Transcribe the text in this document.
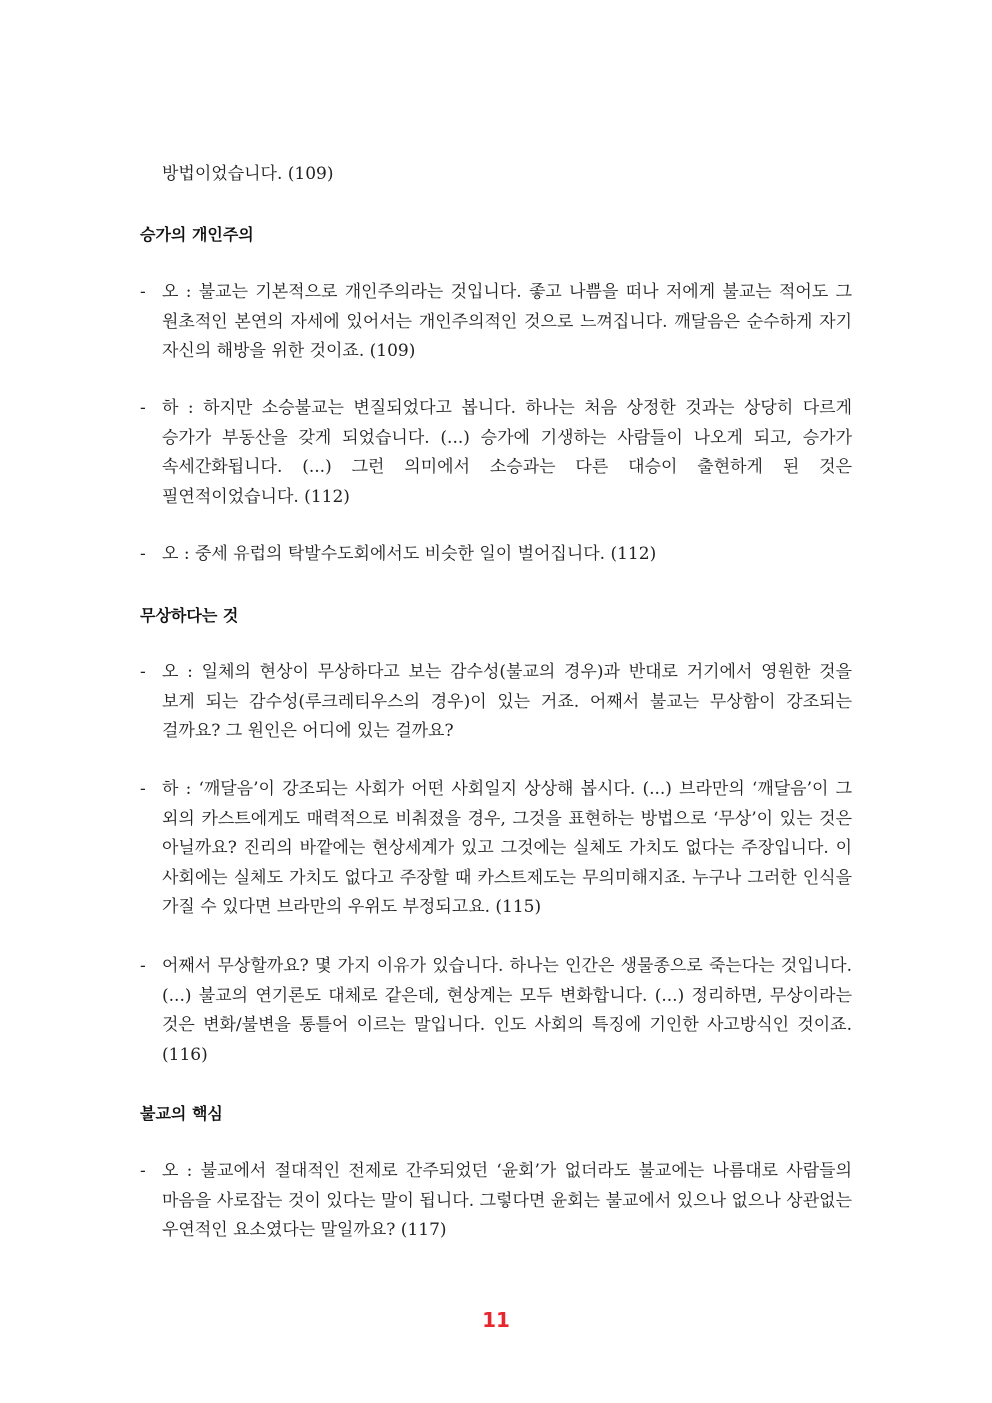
방법이었습니다. (109)
승가의 개인주의
- 오 : 불교는 기본적으로 개인주의라는 것입니다. 좋고 나쁨을 떠나 저에게 불교는 적어도 그 원초적인 본연의 자세에 있어서는 개인주의적인 것으로 느껴집니다. 깨달음은 순수하게 자기 자신의 해방을 위한 것이죠. (109)
- 하 : 하지만 소승불교는 변질되었다고 봅니다. 하나는 처음 상정한 것과는 상당히 다르게 승가가 부동산을 갖게 되었습니다. (...) 승가에 기생하는 사람들이 나오게 되고, 승가가 속세간화됩니다. (...) 그런 의미에서 소승과는 다른 대승이 출현하게 된 것은 필연적이었습니다. (112)
- 오 : 중세 유럽의 탁발수도회에서도 비슷한 일이 벌어집니다. (112)
무상하다는 것
- 오 : 일체의 현상이 무상하다고 보는 감수성(불교의 경우)과 반대로 거기에서 영원한 것을 보게 되는 감수성(루크레티우스의 경우)이 있는 거죠. 어째서 불교는 무상함이 강조되는 걸까요? 그 원인은 어디에 있는 걸까요?
- 하 : ‘깨달음’이 강조되는 사회가 어떤 사회일지 상상해 봅시다. (...) 브라만의 ‘깨달음’이 그 외의 카스트에게도 매력적으로 비춰졌을 경우, 그것을 표현하는 방법으로 ‘무상’이 있는 것은 아닐까요? 진리의 바깥에는 현상세계가 있고 그것에는 실체도 가치도 없다는 주장입니다. 이 사회에는 실체도 가치도 없다고 주장할 때 카스트제도는 무의미해지죠. 누구나 그러한 인식을 가질 수 있다면 브라만의 우위도 부정되고요. (115)
- 어째서 무상할까요? 몇 가지 이유가 있습니다. 하나는 인간은 생물종으로 죽는다는 것입니다. (...) 불교의 연기론도 대체로 같은데, 현상계는 모두 변화합니다. (...) 정리하면, 무상이라는 것은 변화/불변을 통틀어 이르는 말입니다. 인도 사회의 특징에 기인한 사고방식인 것이죠. (116)
불교의 핵심
- 오 : 불교에서 절대적인 전제로 간주되었던 ‘윤회’가 없더라도 불교에는 나름대로 사람들의 마음을 사로잡는 것이 있다는 말이 됩니다. 그렇다면 윤회는 불교에서 있으나 없으나 상관없는 우연적인 요소였다는 말일까요? (117)
11
